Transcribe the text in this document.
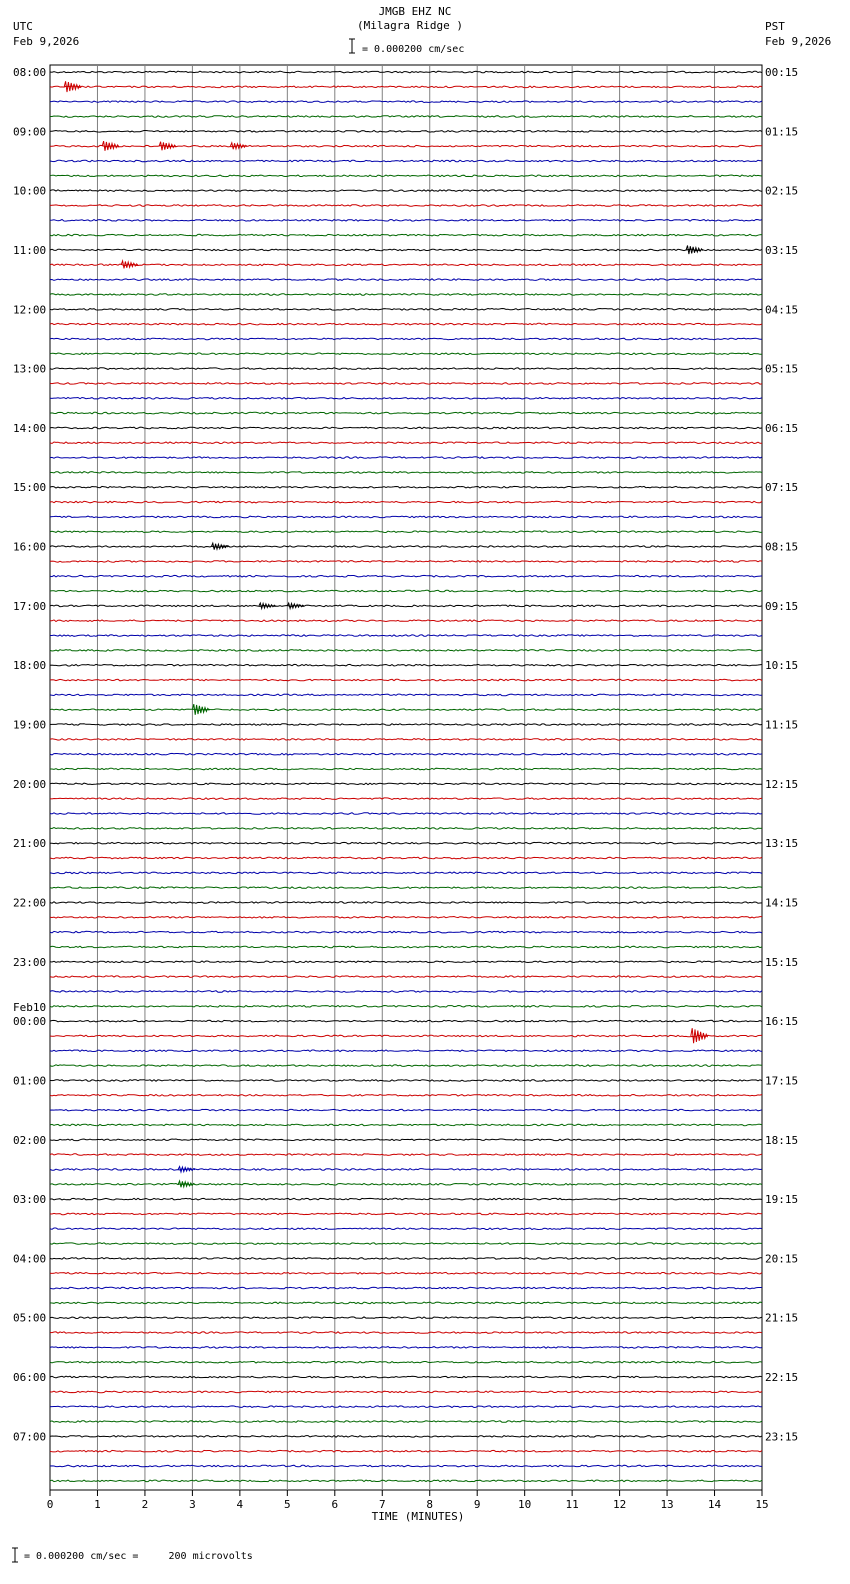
JMGB EHZ NC
(Milagra Ridge )
UTC
Feb 9,2026
PST
Feb 9,2026
= 0.000200 cm/sec
08:00
09:00
10:00
11:00
12:00
13:00
14:00
15:00
16:00
17:00
18:00
19:00
20:00
21:00
22:00
23:00
00:00
01:00
02:00
03:00
04:00
05:00
06:00
07:00
Feb10
00:15
01:15
02:15
03:15
04:15
05:15
06:15
07:15
08:15
09:15
10:15
11:15
12:15
13:15
14:15
15:15
16:15
17:15
18:15
19:15
20:15
21:15
22:15
23:15
0	1	2	3	4	5	6	7	8	9	10	11	12	13	14	15
TIME (MINUTES)
= 0.000200 cm/sec =     200 microvolts
